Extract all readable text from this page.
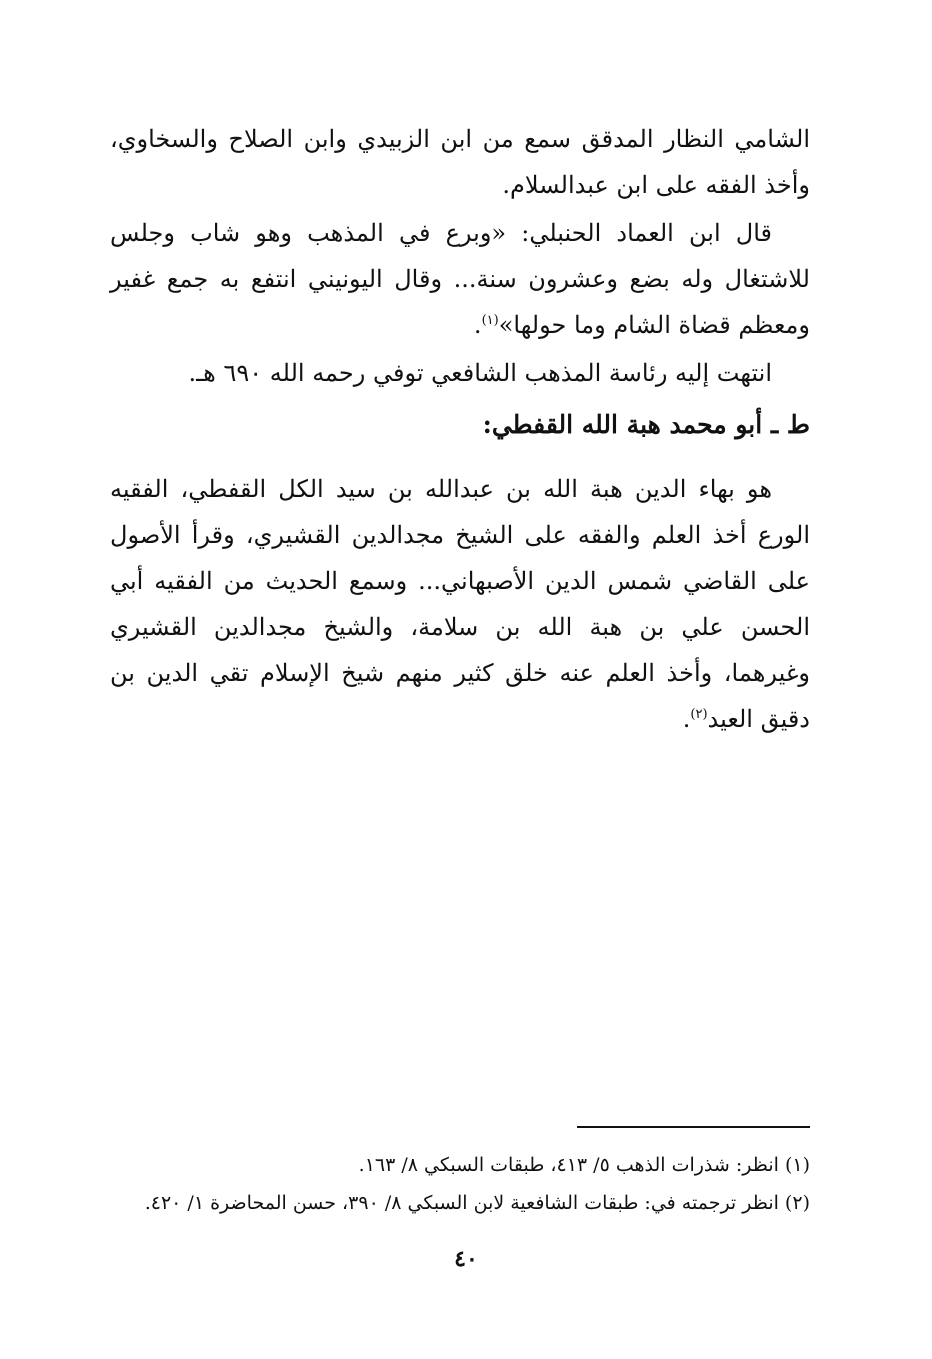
الشامي النظار المدقق سمع من ابن الزبيدي وابن الصلاح والسخاوي، وأخذ الفقه على ابن عبدالسلام.

قال ابن العماد الحنبلي: «وبرع في المذهب وهو شاب وجلس للاشتغال وله بضع وعشرون سنة... وقال اليونيني انتفع به جمع غفير ومعظم قضاة الشام وما حولها»$^{(١)}$.

انتهت إليه رئاسة المذهب الشافعي توفي رحمه الله ٦٩٠ هـ.

ط ـ أبو محمد هبة الله القفطي:

هو بهاء الدين هبة الله بن عبدالله بن سيد الكل القفطي، الفقيه الورع أخذ العلم والفقه على الشيخ مجدالدين القشيري، وقرأ الأصول على القاضي شمس الدين الأصبهاني... وسمع الحديث من الفقيه أبي الحسن علي بن هبة الله بن سلامة، والشيخ مجدالدين القشيري وغيرهما، وأخذ العلم عنه خلق كثير منهم شيخ الإسلام تقي الدين بن دقيق العيد$^{(٢)}$.

(١) انظر: شذرات الذهب ٥/ ٤١٣، طبقات السبكي ٨/ ١٦٣.

(٢) انظر ترجمته في: طبقات الشافعية لابن السبكي ٨/ ٣٩٠، حسن المحاضرة ١/ ٤٢٠.

٤٠
